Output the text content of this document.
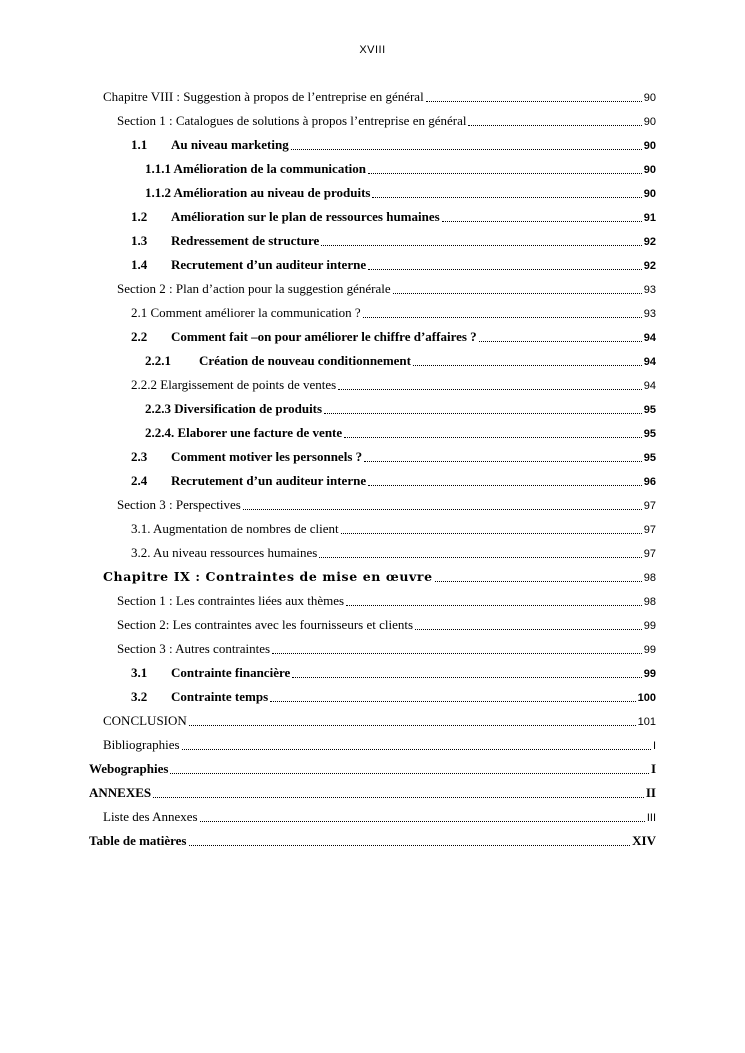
XVIII
Chapitre VIII : Suggestion à propos de l’entreprise en général	90
Section 1 : Catalogues de solutions à propos l’entreprise en général	90
1.1	Au niveau marketing	90
1.1.1 Amélioration de la communication	90
1.1.2 Amélioration au niveau de produits	90
1.2	Amélioration sur le plan de ressources humaines	91
1.3	Redressement de structure	92
1.4	Recrutement d’un auditeur interne	92
Section 2 : Plan d’action pour la suggestion générale	93
2.1 Comment améliorer la communication ?	93
2.2	Comment fait –on pour améliorer le chiffre d’affaires ?	94
2.2.1	Création de nouveau conditionnement	94
2.2.2 Elargissement de points de ventes	94
2.2.3 Diversification de produits	95
2.2.4. Elaborer une facture de vente	95
2.3	Comment motiver les personnels ?	95
2.4	Recrutement d’un auditeur interne	96
Section 3 : Perspectives	97
3.1. Augmentation de nombres de client	97
3.2. Au niveau ressources humaines	97
Chapitre IX : Contraintes de mise en œuvre	98
Section 1 : Les contraintes liées aux thèmes	98
Section 2: Les contraintes avec les fournisseurs et clients	99
Section 3 : Autres contraintes	99
3.1	Contrainte financière	99
3.2	Contrainte temps	100
CONCLUSION	101
Bibliographies	I
Webographies	I
ANNEXES	II
Liste des Annexes	III
Table de matières	XIV
